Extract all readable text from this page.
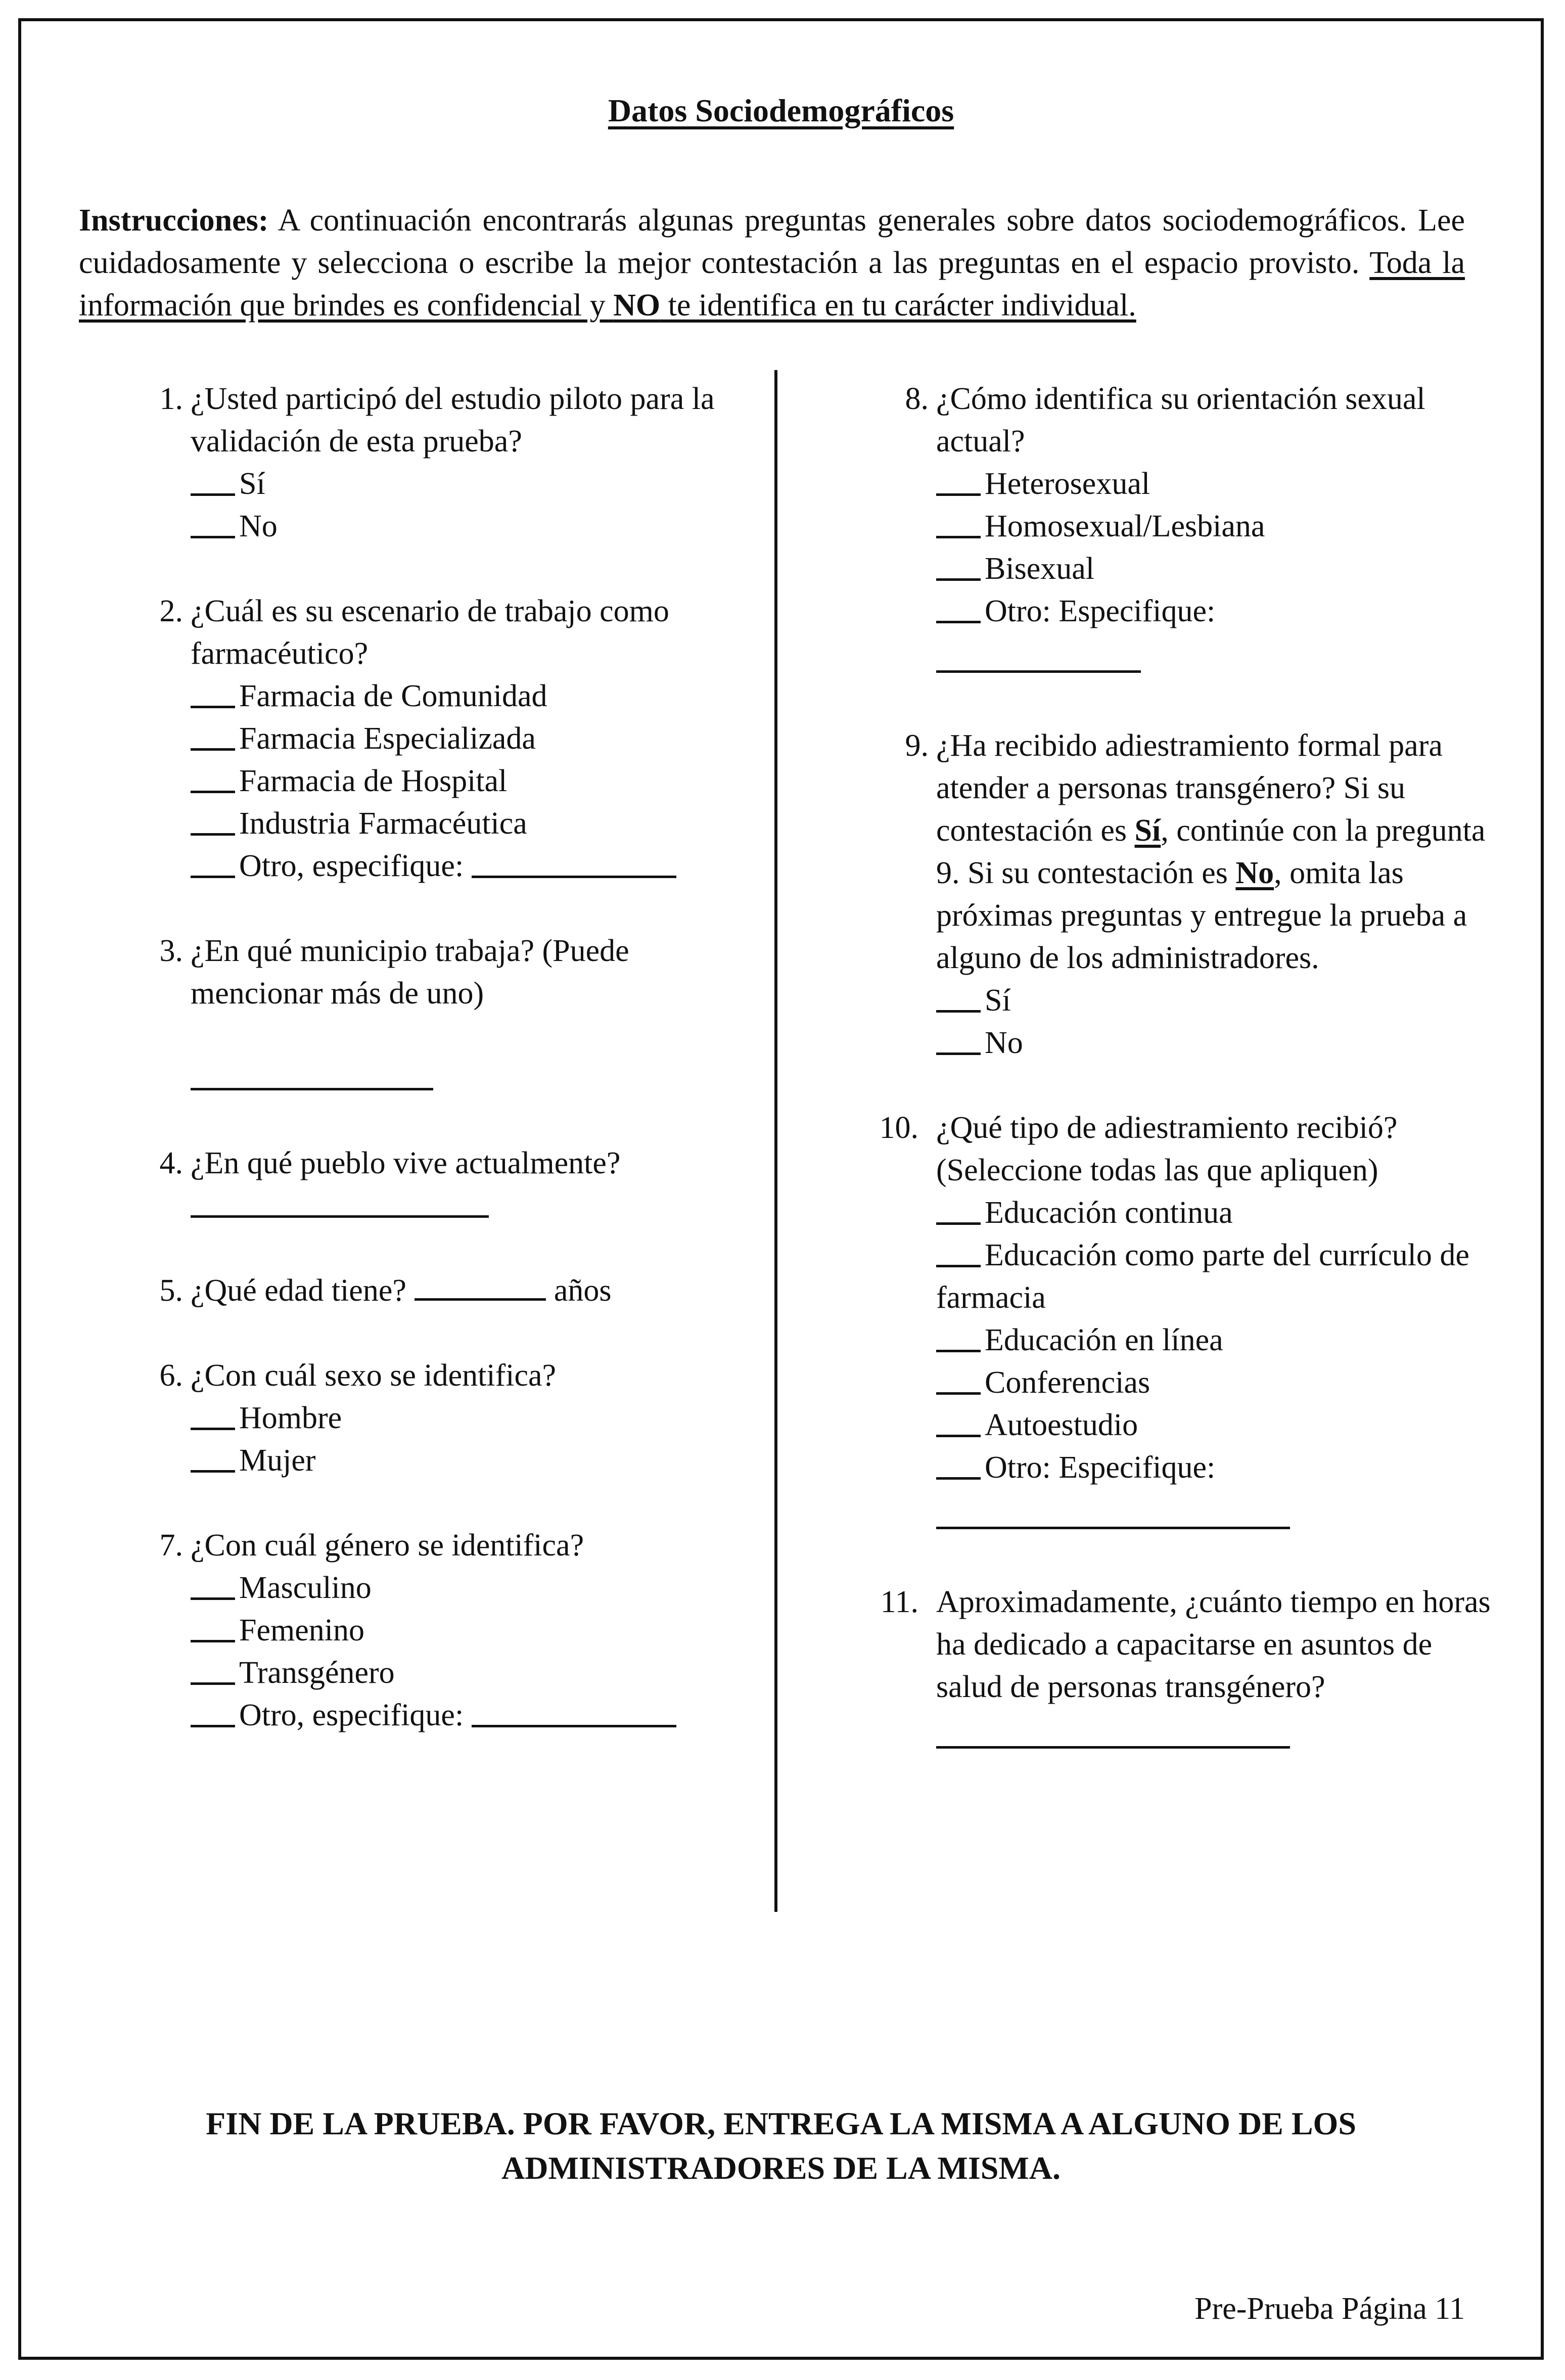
Datos Sociodemográficos

Instrucciones: A continuación encontrarás algunas preguntas generales sobre datos sociodemográficos. Lee cuidadosamente y selecciona o escribe la mejor contestación a las preguntas en el espacio provisto. Toda la información que brindes es confidencial y NO te identifica en tu carácter individual.

1. ¿Usted participó del estudio piloto para la validación de esta prueba?
Sí
No
2. ¿Cuál es su escenario de trabajo como farmacéutico?
Farmacia de Comunidad
Farmacia Especializada
Farmacia de Hospital
Industria Farmacéutica
Otro, especifique:
3. ¿En qué municipio trabaja? (Puede mencionar más de uno)

4. ¿En qué pueblo vive actualmente?
5. ¿Qué edad tiene?	años
6. ¿Con cuál sexo se identifica?
Hombre
Mujer
7. ¿Con cuál género se identifica?
Masculino
Femenino
Transgénero
Otro, especifique:
8. ¿Cómo identifica su orientación sexual actual?
Heterosexual
Homosexual/Lesbiana
Bisexual
Otro: Especifique:
9. ¿Ha recibido adiestramiento formal para atender a personas transgénero? Si su contestación es Sí, continúe con la pregunta 9. Si su contestación es No, omita las próximas preguntas y entregue la prueba a alguno de los administradores.
Sí
No
10. ¿Qué tipo de adiestramiento recibió? (Seleccione todas las que apliquen)
Educación continua
Educación como parte del currículo de farmacia
Educación en línea
Conferencias
Autoestudio
Otro: Especifique:
11. Aproximadamente, ¿cuánto tiempo en horas ha dedicado a capacitarse en asuntos de salud de personas transgénero?
FIN DE LA PRUEBA. POR FAVOR, ENTREGA LA MISMA A ALGUNO DE LOS ADMINISTRADORES DE LA MISMA.
Pre-Prueba Página 11
